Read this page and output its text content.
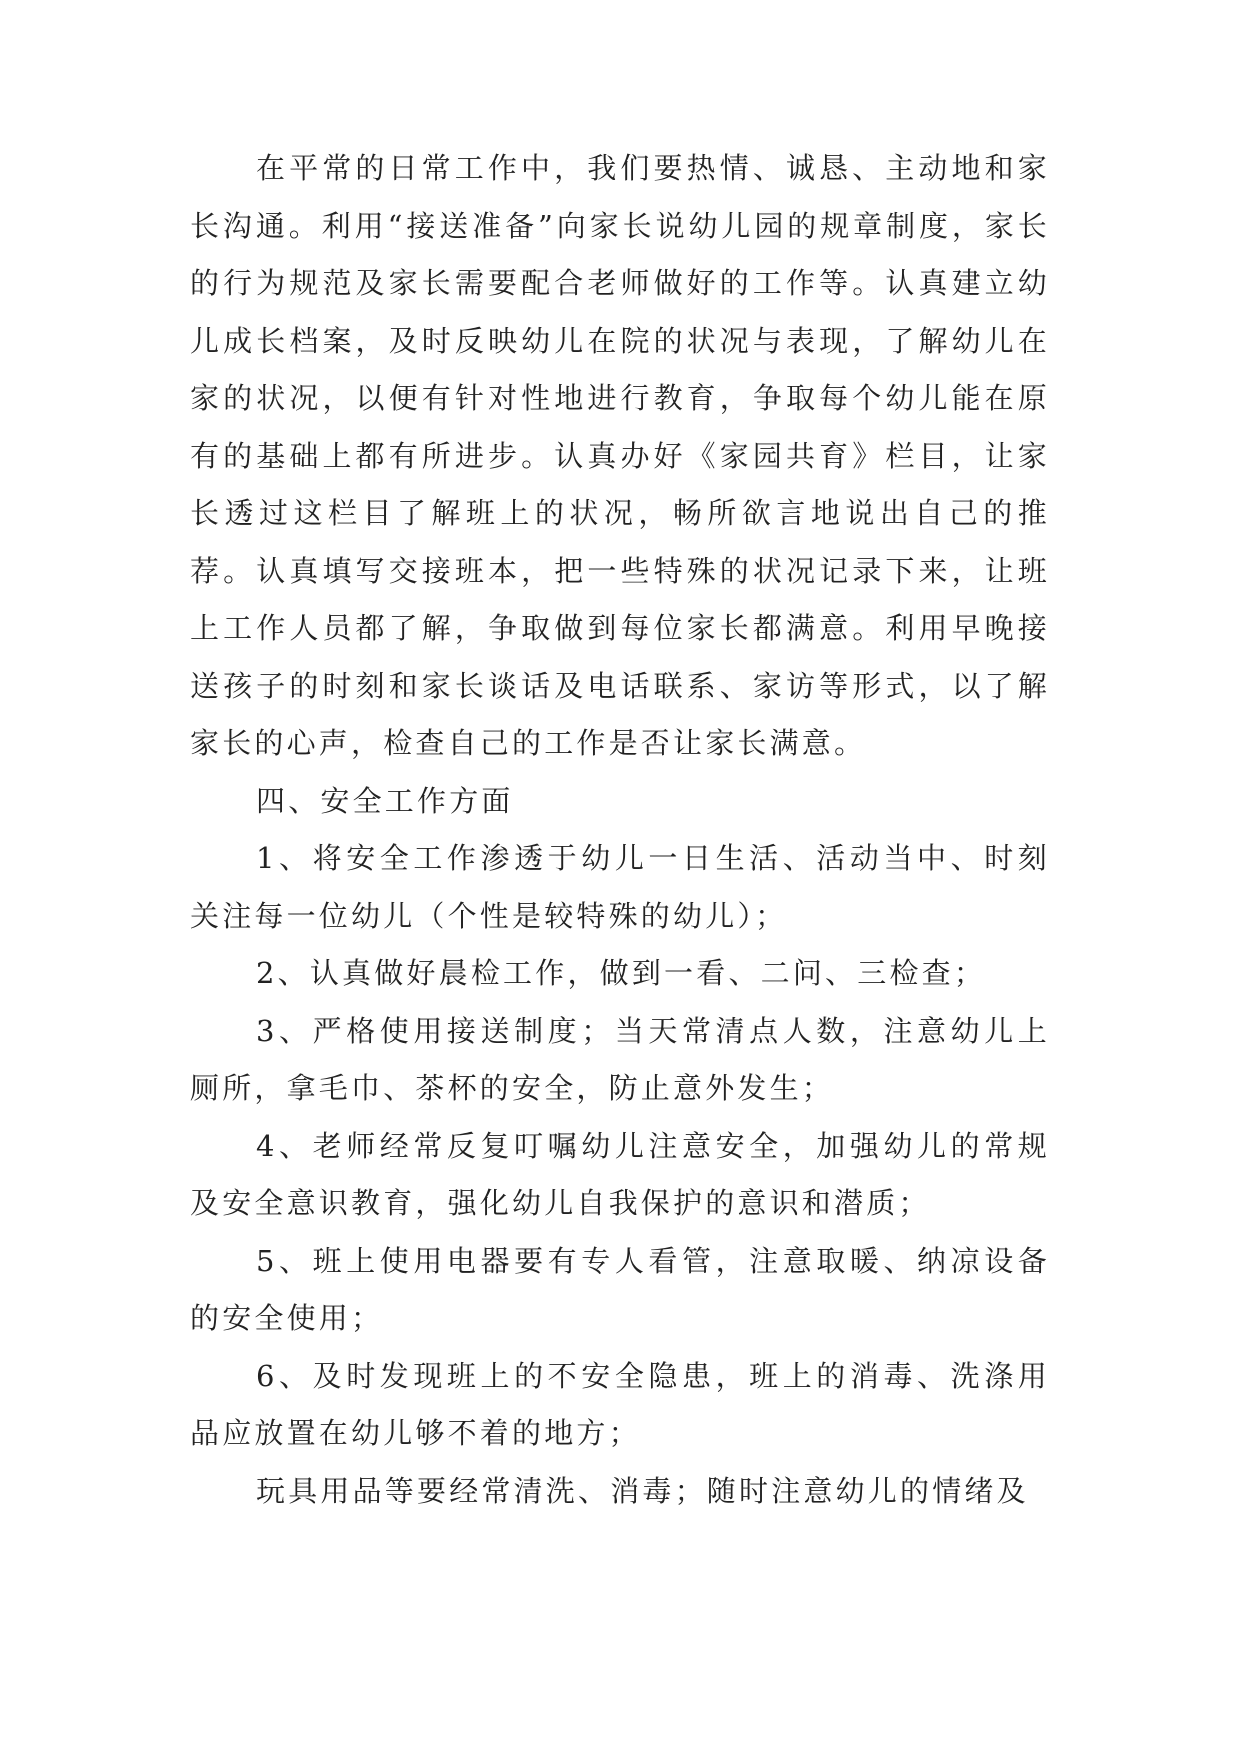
在平常的日常工作中，我们要热情、诚恳、主动地和家长沟通。利用“接送准备”向家长说幼儿园的规章制度，家长的行为规范及家长需要配合老师做好的工作等。认真建立幼儿成长档案，及时反映幼儿在院的状况与表现，了解幼儿在家的状况，以便有针对性地进行教育，争取每个幼儿能在原有的基础上都有所进步。认真办好《家园共育》栏目，让家长透过这栏目了解班上的状况，畅所欲言地说出自己的推荐。认真填写交接班本，把一些特殊的状况记录下来，让班上工作人员都了解，争取做到每位家长都满意。利用早晚接送孩子的时刻和家长谈话及电话联系、家访等形式，以了解家长的心声，检查自己的工作是否让家长满意。

四、安全工作方面

1、将安全工作渗透于幼儿一日生活、活动当中、时刻关注每一位幼儿（个性是较特殊的幼儿）；

2、认真做好晨检工作，做到一看、二问、三检查；

3、严格使用接送制度；当天常清点人数，注意幼儿上厕所，拿毛巾、茶杯的安全，防止意外发生；

4、老师经常反复叮嘱幼儿注意安全，加强幼儿的常规及安全意识教育，强化幼儿自我保护的意识和潜质；

5、班上使用电器要有专人看管，注意取暖、纳凉设备的安全使用；

6、及时发现班上的不安全隐患，班上的消毒、洗涤用品应放置在幼儿够不着的地方；

玩具用品等要经常清洗、消毒；随时注意幼儿的情绪及
